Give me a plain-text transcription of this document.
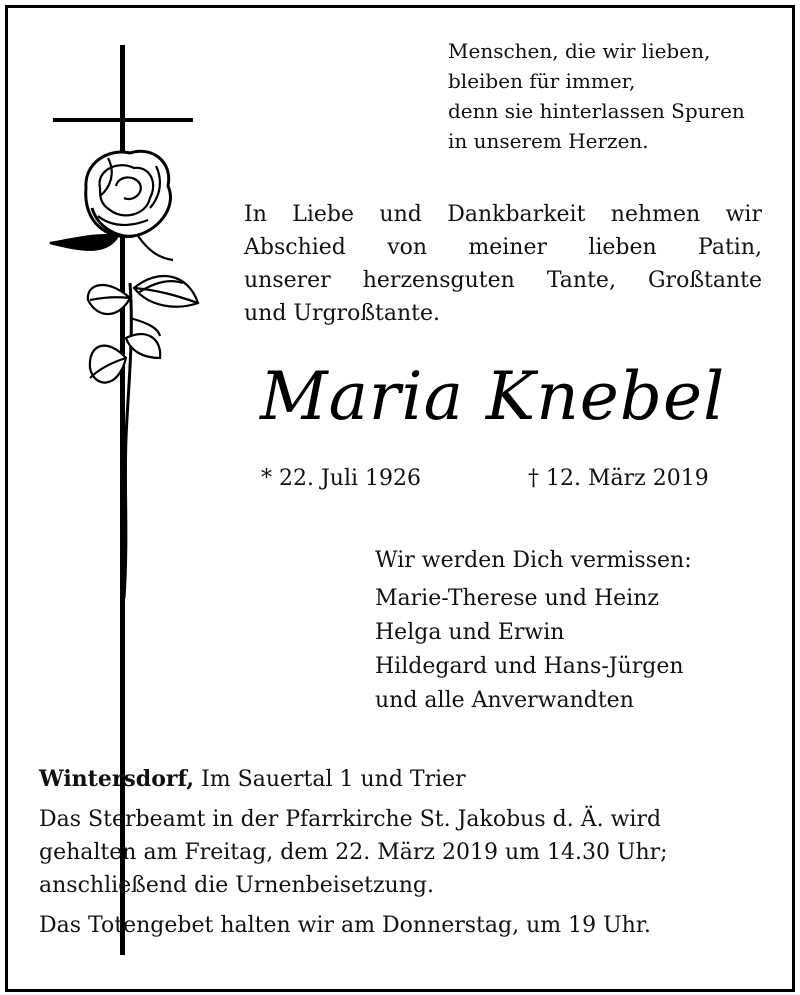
Menschen, die wir lieben,
bleiben für immer,
denn sie hinterlassen Spuren
in unserem Herzen.
In Liebe und Dankbarkeit nehmen wir
Abschied von meiner lieben Patin,
unserer herzensguten Tante, Großtante
und Urgroßtante.
Maria Knebel
* 22. Juli 1926	† 12. März 2019
Wir werden Dich vermissen:
Marie-Therese und Heinz
Helga und Erwin
Hildegard und Hans-Jürgen
und alle Anverwandten

Wintersdorf, Im Sauertal 1 und Trier

Das Sterbeamt in der Pfarrkirche St. Jakobus d. Ä. wird
gehalten am Freitag, dem 22. März 2019 um 14.30 Uhr;
anschließend die Urnenbeisetzung.

Das Totengebet halten wir am Donnerstag, um 19 Uhr.
